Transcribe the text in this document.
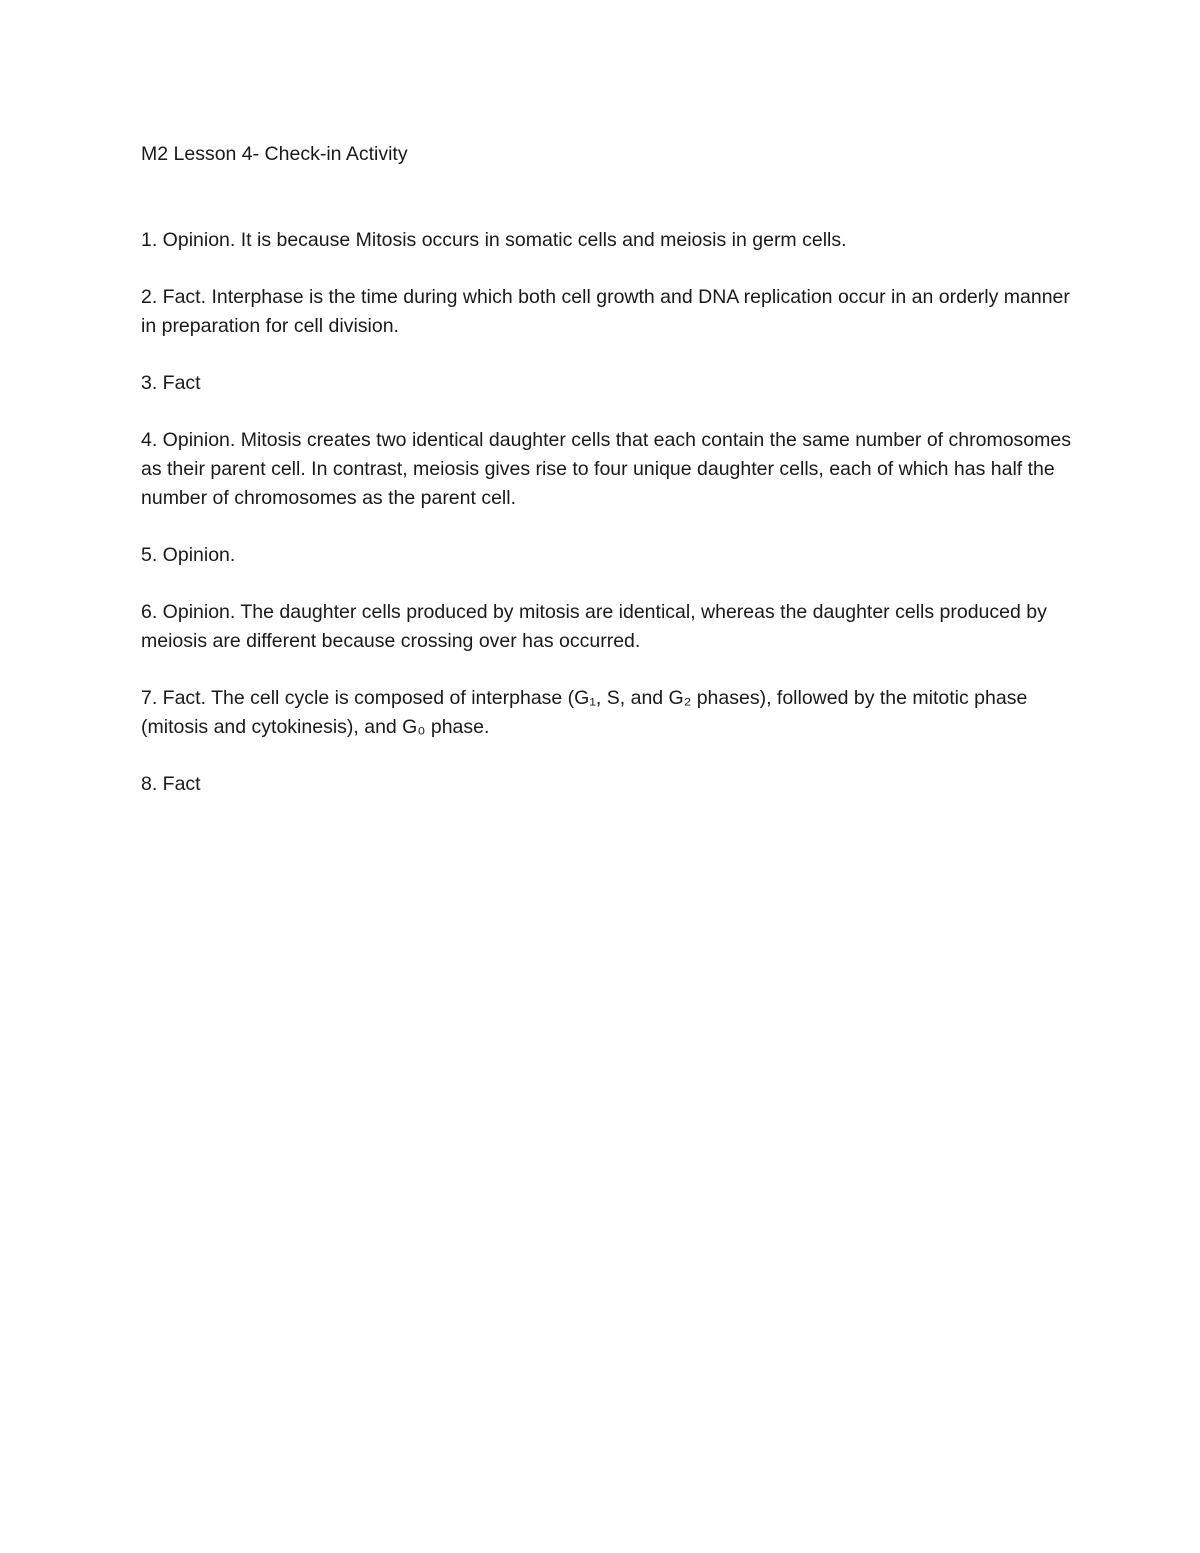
M2 Lesson 4- Check-in Activity

1. Opinion. It is because Mitosis occurs in somatic cells and meiosis in germ cells.

2. Fact. Interphase is the time during which both cell growth and DNA replication occur in an orderly manner in preparation for cell division.

3. Fact

4. Opinion. Mitosis creates two identical daughter cells that each contain the same number of chromosomes as their parent cell. In contrast, meiosis gives rise to four unique daughter cells, each of which has half the number of chromosomes as the parent cell.

5. Opinion.

6. Opinion. The daughter cells produced by mitosis are identical, whereas the daughter cells produced by meiosis are different because crossing over has occurred.

7. Fact. The cell cycle is composed of interphase (G₁, S, and G₂ phases), followed by the mitotic phase (mitosis and cytokinesis), and G₀ phase.

8. Fact
